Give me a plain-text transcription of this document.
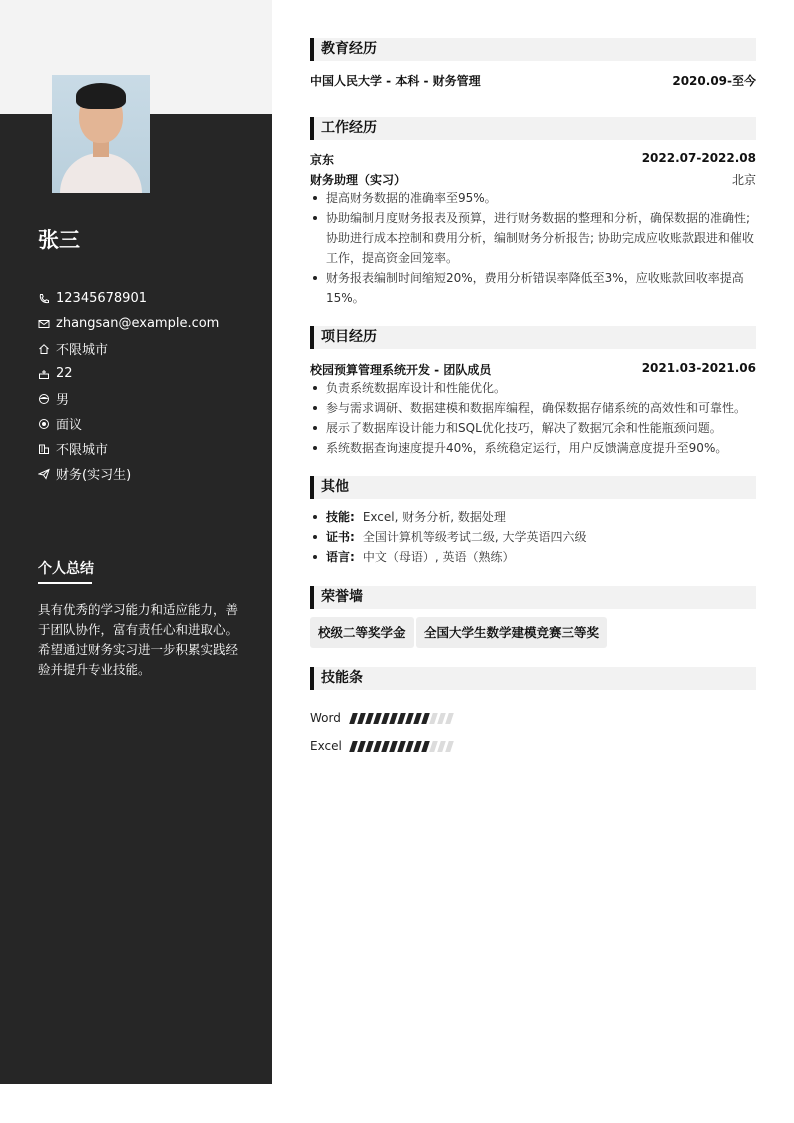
张三
12345678901
zhangsan@example.com
不限城市
22
男
面议
不限城市
财务(实习生)
个人总结
具有优秀的学习能力和适应能力，善于团队协作，富有责任心和进取心。希望通过财务实习进一步积累实践经验并提升专业技能。
教育经历
中国人民大学 - 本科 - 财务管理	2020.09-至今
工作经历
京东	2022.07-2022.08
财务助理（实习）	北京
提高财务数据的准确率至95%。
协助编制月度财务报表及预算，进行财务数据的整理和分析，确保数据的准确性; 协助进行成本控制和费用分析，编制财务分析报告; 协助完成应收账款跟进和催收工作，提高资金回笼率。
财务报表编制时间缩短20%，费用分析错误率降低至3%，应收账款回收率提高15%。
项目经历
校园预算管理系统开发 - 团队成员	2021.03-2021.06
负责系统数据库设计和性能优化。
参与需求调研、数据建模和数据库编程，确保数据存储系统的高效性和可靠性。
展示了数据库设计能力和SQL优化技巧，解决了数据冗余和性能瓶颈问题。
系统数据查询速度提升40%，系统稳定运行，用户反馈满意度提升至90%。
其他
技能: Excel, 财务分析, 数据处理
证书: 全国计算机等级考试二级, 大学英语四六级
语言: 中文（母语）, 英语（熟练）
荣誉墙
校级二等奖学金	全国大学生数学建模竞赛三等奖
技能条
Word
Excel
